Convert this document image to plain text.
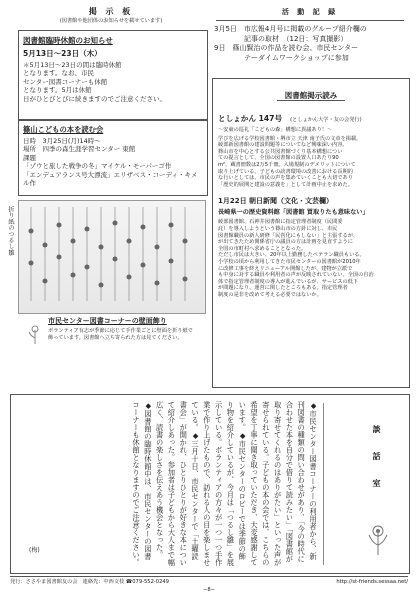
掲 示 板
(図書館や他団体のお知らせを載せています)
図書館臨時休館のお知らせ
5月13日〜23日（木）
＊5月13日〜23日の間は臨時休館
となります。なお、市民
センター図書コーナーも休館
となります。5月は休館
日がひとびとびに続きますのでご注意ください。
篠山こどもの本を読む会
日時　3月25日(月)14時〜
場所　四季の森生涯学習センター 東館
課題
「ゾウと旅した戦争の冬」マイケル・モーパーゴ作
「エンデュアランス号大漂流」エリザベス・コーディ・キメル作
折り紙のつるし雛
市民センター図書コーナーの壁面飾り
ボランティア有志が季節に応じて手作業ごとに壁面を折り紙で
飾っています。図書館へ立ち寄られた方は見てください。
活 動 記 録
3月5日　市広報4月号に掲載のグループ紹介欄の
記事の取材　（12日：写真撮影）
9日　篠山賢治の作品を読む会、市民センター
テーダイムワークショップに参加
図書館掲示読み
としょかん 147号 (としょかん大学・友の会発行)
〜安東の巡礼「こどもの森」構想に異議あり！〜
学びを広げる学校図書館・堺市立 天津 南子氏の文章を掲載。
綾部新図書館の建設問題等についてなど興味深い内容。
篠山市を中心とする公共図書館づくり基本構想につい
ての提言として、全国の図書館の設置人口あたり90
m²、蔵書冊数は2万5千冊。入場規制のデメリットについて
取り上げている。子どもの読書環境の改善における長期的
な行いとしては、市民の声を集めていくことも大切であり
「歴史的展開と建設の意義を」として計画中止を求めた。
1月22日 朝日新聞（文化・文芸欄）
長崎県一の歴史資料館「図書館 買取りたも意味ない」
綾部図書館、石神井図書館に指定管理者制度（民間委
託）を導入しようという篠山市の方針に対し、市民
図書館職員の新人研修「民営化にもしない」と主張するが、
が出てきたため関係省庁の議員の方は計画を見直すように
全国の市町村へ求めることとなった。
ただし市民は大きい、20年以上勤務したベテラン職員もいる。
小学校の頃から利用してきた市民センターの図書館が2010年
に改修工事を終えリニューアル開館したが、建物が立派で
も中身に対する職員や利用者の声が反映されていない、全国の自治
体で指定管理者制度の導入が進んでいるが、サービスの低下
が問題になり、運営に関したところもある。指定管理者
制度の是非を改めて考える必要ではないか。
◆市民センター図書コーナーの利用者から、新刊図書の種類の問い合わせがあり、「今の時代に合わせた本を自分で借りて読みたい」「図書館が取り寄せてくれるのはありがたい」といった声が寄せられている。子どもの本の会では、こちらの希望を丁寧に聞き取っていただき、大変感謝しています。◆市民センターのロビーでは季節の飾り物を紹介しているが、今月は「つるし雛」を展示している。ボランティアの方々が一つ一つ手作業で作り上げたもので、訪れる人の目を楽しませている。◆三月十日、市民センターで「土曜読書会」が開かれ、ひとりひとりが好きな本について紹介しあった。参加者は子どもから大人まで幅広く、読書の楽しさを伝えあう機会となった。◆図書館の臨時休館中は、市民センターの図書コーナーも休館となりますのでご注意ください。
(梅)
談 話 室
発行：ささやま図書館友の会　連絡先：中西文枝 ☎079-552-0249	http://st-friends.sessaa.net/
−8−
